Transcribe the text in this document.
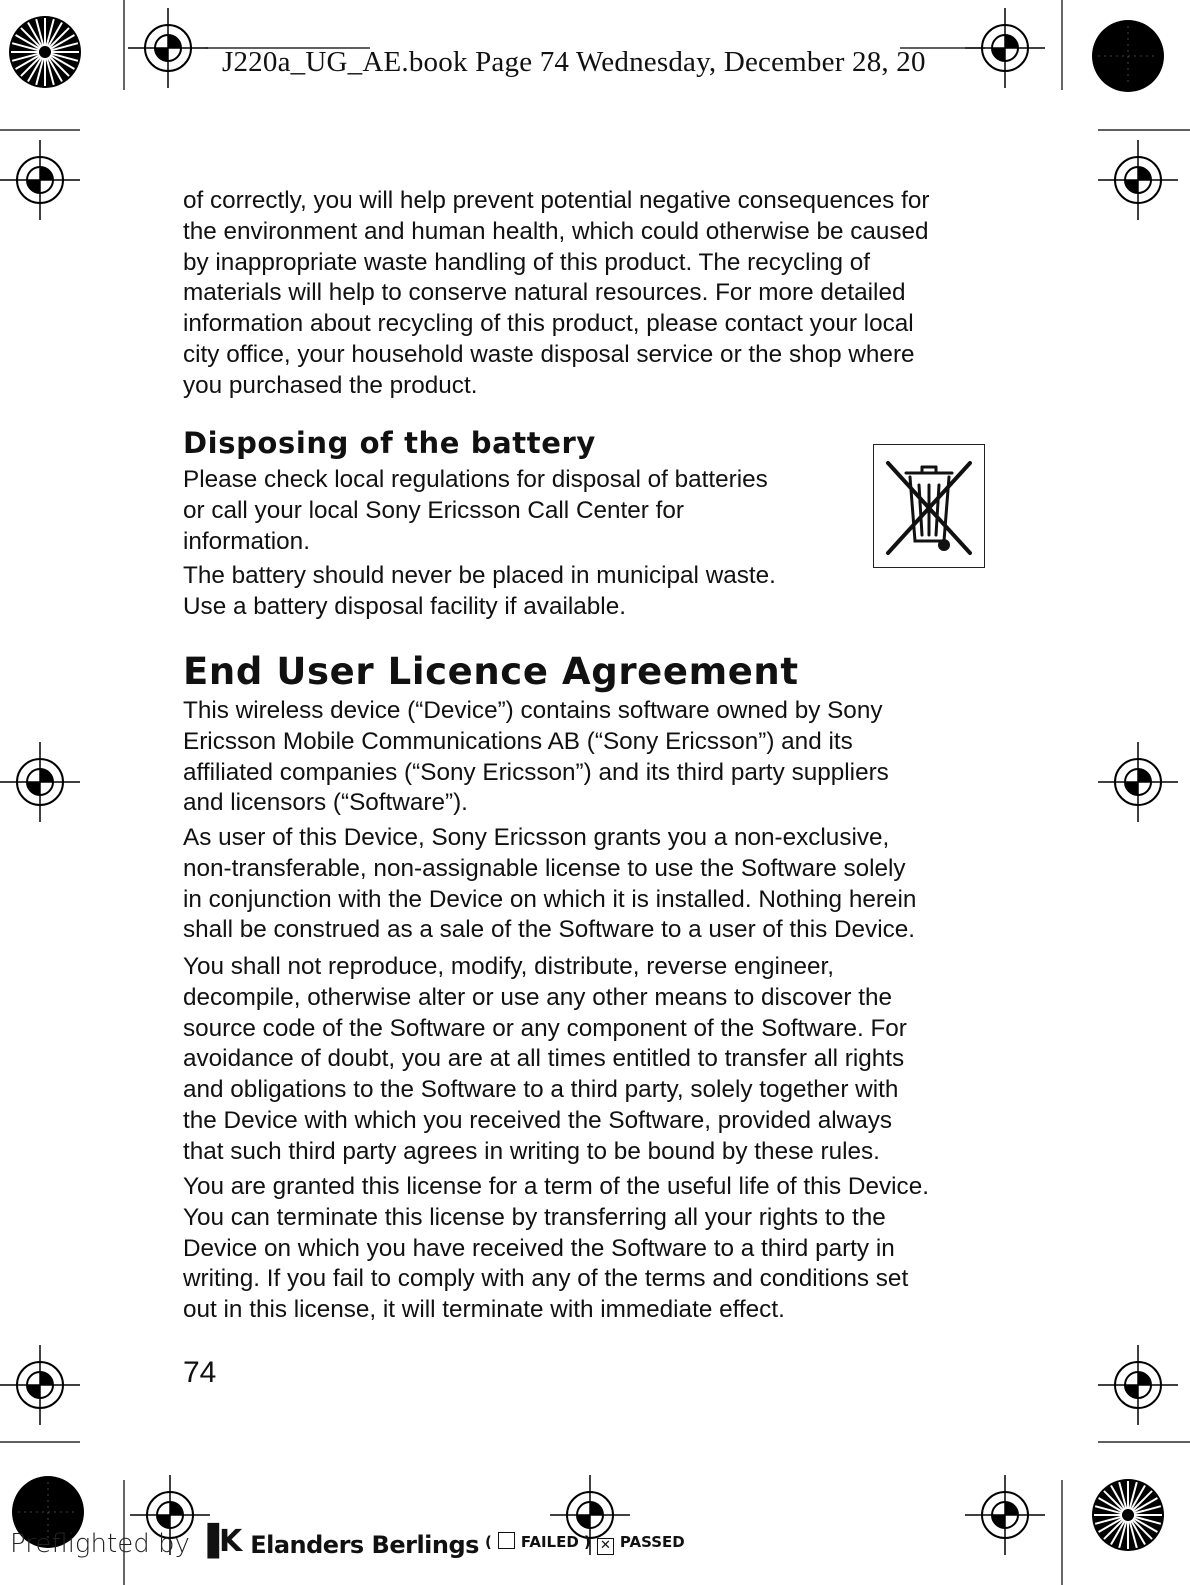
J220a_UG_AE.book Page 74 Wednesday, December 28, 20

of correctly, you will help prevent potential negative consequences for
the environment and human health, which could otherwise be caused
by inappropriate waste handling of this product. The recycling of
materials will help to conserve natural resources. For more detailed
information about recycling of this product, please contact your local
city office, your household waste disposal service or the shop where
you purchased the product.

Disposing of the battery

Please check local regulations for disposal of batteries
or call your local Sony Ericsson Call Center for
information.

The battery should never be placed in municipal waste.
Use a battery disposal facility if available.

End User Licence Agreement

This wireless device (“Device”) contains software owned by Sony
Ericsson Mobile Communications AB (“Sony Ericsson”) and its
affiliated companies (“Sony Ericsson”) and its third party suppliers
and licensors (“Software”).

As user of this Device, Sony Ericsson grants you a non-exclusive,
non-transferable, non-assignable license to use the Software solely
in conjunction with the Device on which it is installed. Nothing herein
shall be construed as a sale of the Software to a user of this Device.

You shall not reproduce, modify, distribute, reverse engineer,
decompile, otherwise alter or use any other means to discover the
source code of the Software or any component of the Software. For
avoidance of doubt, you are at all times entitled to transfer all rights
and obligations to the Software to a third party, solely together with
the Device with which you received the Software, provided always
that such third party agrees in writing to be bound by these rules.

You are granted this license for a term of the useful life of this Device.
You can terminate this license by transferring all your rights to the
Device on which you have received the Software to a third party in
writing. If you fail to comply with any of the terms and conditions set
out in this license, it will terminate with immediate effect.

74
Preflighted by ▐K Elanders Berlings ( FAILED ) ✕ PASSED
